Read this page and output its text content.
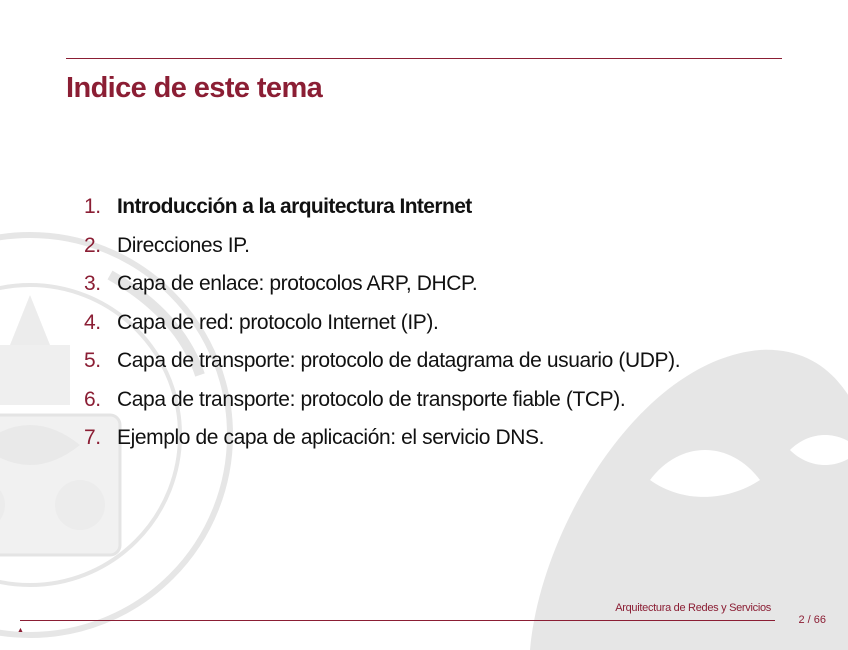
Indice de este tema
1. Introducción a la arquitectura Internet
2. Direcciones IP.
3. Capa de enlace: protocolos ARP, DHCP.
4. Capa de red: protocolo Internet (IP).
5. Capa de transporte: protocolo de datagrama de usuario (UDP).
6. Capa de transporte: protocolo de transporte fiable (TCP).
7. Ejemplo de capa de aplicación: el servicio DNS.
Arquitectura de Redes y Servicios
2 / 66
▲
